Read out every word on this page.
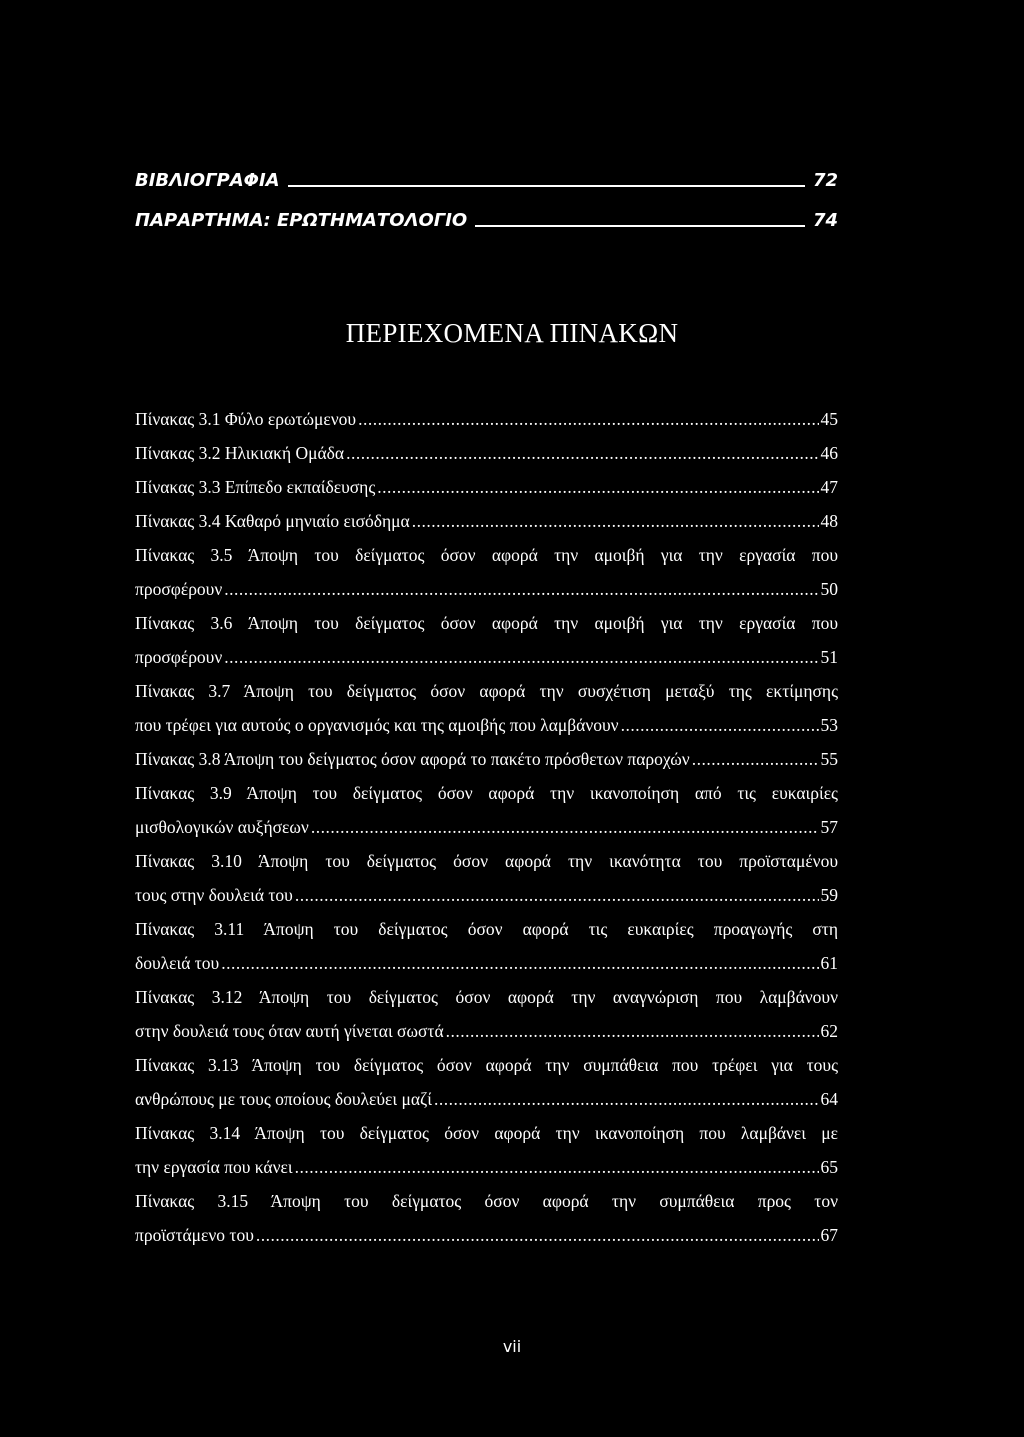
ΒΙΒΛΙΟΓΡΑΦΙΑ	72
ΠΑΡΑΡΤΗΜΑ: ΕΡΩΤΗΜΑΤΟΛΟΓΙΟ	74
ΠΕΡΙΕΧΟΜΕΝΑ ΠΙΝΑΚΩΝ
Πίνακας 3.1 Φύλο ερωτώμενου .....	45
Πίνακας 3.2 Ηλικιακή Ομάδα .....	46
Πίνακας 3.3 Επίπεδο εκπαίδευσης .....	47
Πίνακας 3.4 Καθαρό μηνιαίο εισόδημα .....	48
Πίνακας 3.5 Άποψη του δείγματος όσον αφορά την αμοιβή για την εργασία που
προσφέρουν .....	50
Πίνακας 3.6 Άποψη του δείγματος όσον αφορά την αμοιβή για την εργασία που
προσφέρουν .....	51
Πίνακας 3.7 Άποψη του δείγματος όσον αφορά την συσχέτιση μεταξύ της εκτίμησης
που τρέφει για αυτούς ο οργανισμός και της αμοιβής που λαμβάνουν .....	53
Πίνακας 3.8 Άποψη του δείγματος όσον αφορά το πακέτο πρόσθετων παροχών .....	55
Πίνακας 3.9 Άποψη του δείγματος όσον αφορά την ικανοποίηση από τις ευκαιρίες
μισθολογικών αυξήσεων .....	57
Πίνακας 3.10 Άποψη του δείγματος όσον αφορά την ικανότητα του προϊσταμένου
τους στην δουλειά του .....	59
Πίνακας 3.11 Άποψη του δείγματος όσον αφορά τις ευκαιρίες προαγωγής στη
δουλειά του .....	61
Πίνακας 3.12 Άποψη του δείγματος όσον αφορά την αναγνώριση που λαμβάνουν
στην δουλειά τους όταν αυτή γίνεται σωστά .....	62
Πίνακας 3.13 Άποψη του δείγματος όσον αφορά την συμπάθεια που τρέφει για τους
ανθρώπους με τους οποίους δουλεύει μαζί .....	64
Πίνακας 3.14 Άποψη του δείγματος όσον αφορά την ικανοποίηση που λαμβάνει με
την εργασία που κάνει .....	65
Πίνακας 3.15 Άποψη του δείγματος όσον αφορά την συμπάθεια προς τον
προϊστάμενο του .....	67
vii
